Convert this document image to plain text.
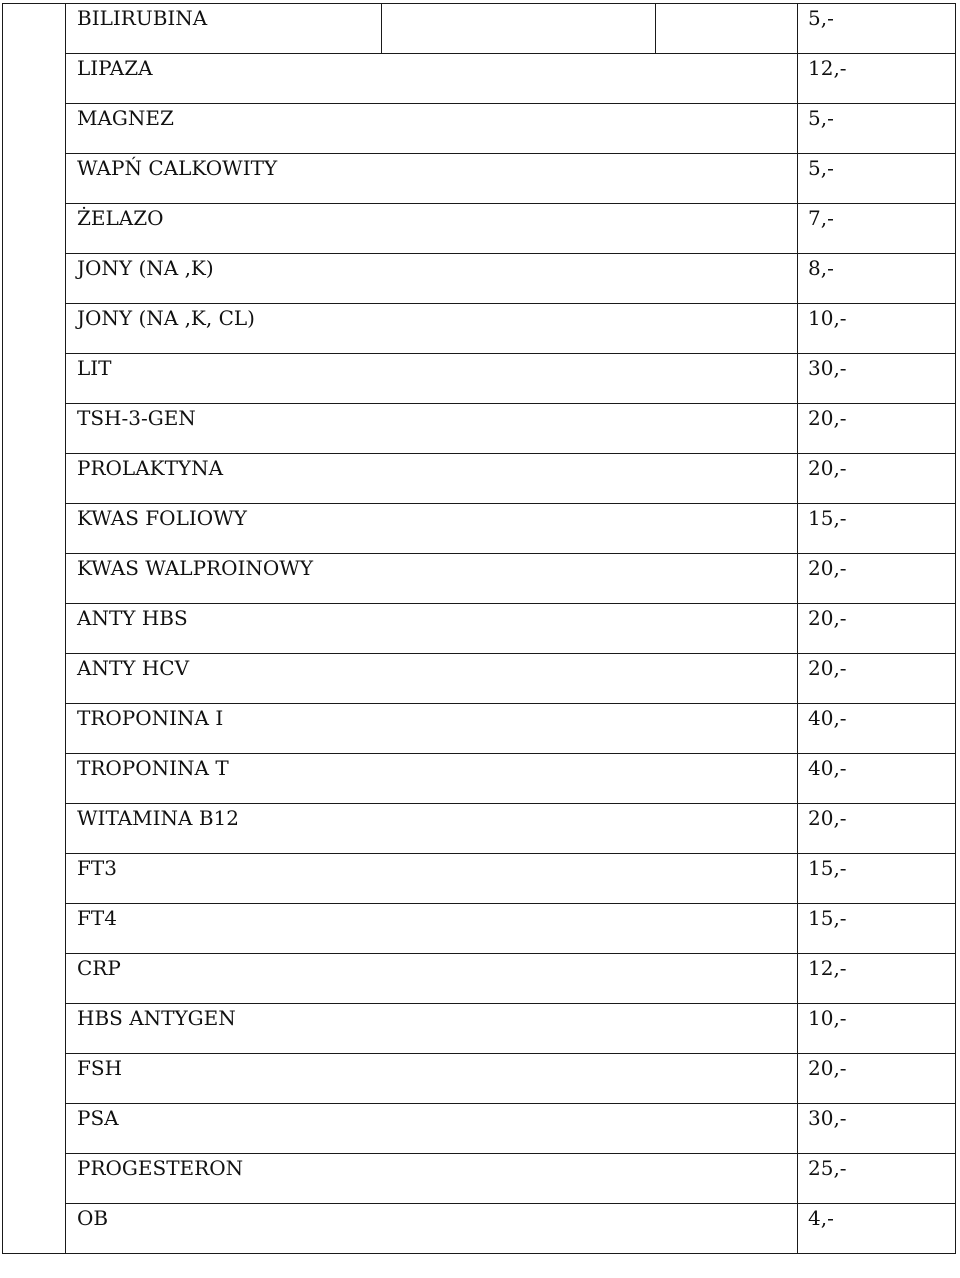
	BILIRUBINA			5,-
	LIPAZA			12,-
	MAGNEZ			5,-
	WAPŃ CALKOWITY			5,-
	ŻELAZO			7,-
	JONY (NA ,K)			8,-
	JONY (NA ,K, CL)			10,-
	LIT			30,-
	TSH-3-GEN			20,-
	PROLAKTYNA			20,-
	KWAS FOLIOWY			15,-
	KWAS WALPROINOWY			20,-
	ANTY HBS			20,-
	ANTY HCV			20,-
	TROPONINA I			40,-
	TROPONINA T			40,-
	WITAMINA B12			20,-
	FT3			15,-
	FT4			15,-
	CRP			12,-
	HBS ANTYGEN			10,-
	FSH			20,-
	PSA			30,-
	PROGESTERON			25,-
	OB			4,-
